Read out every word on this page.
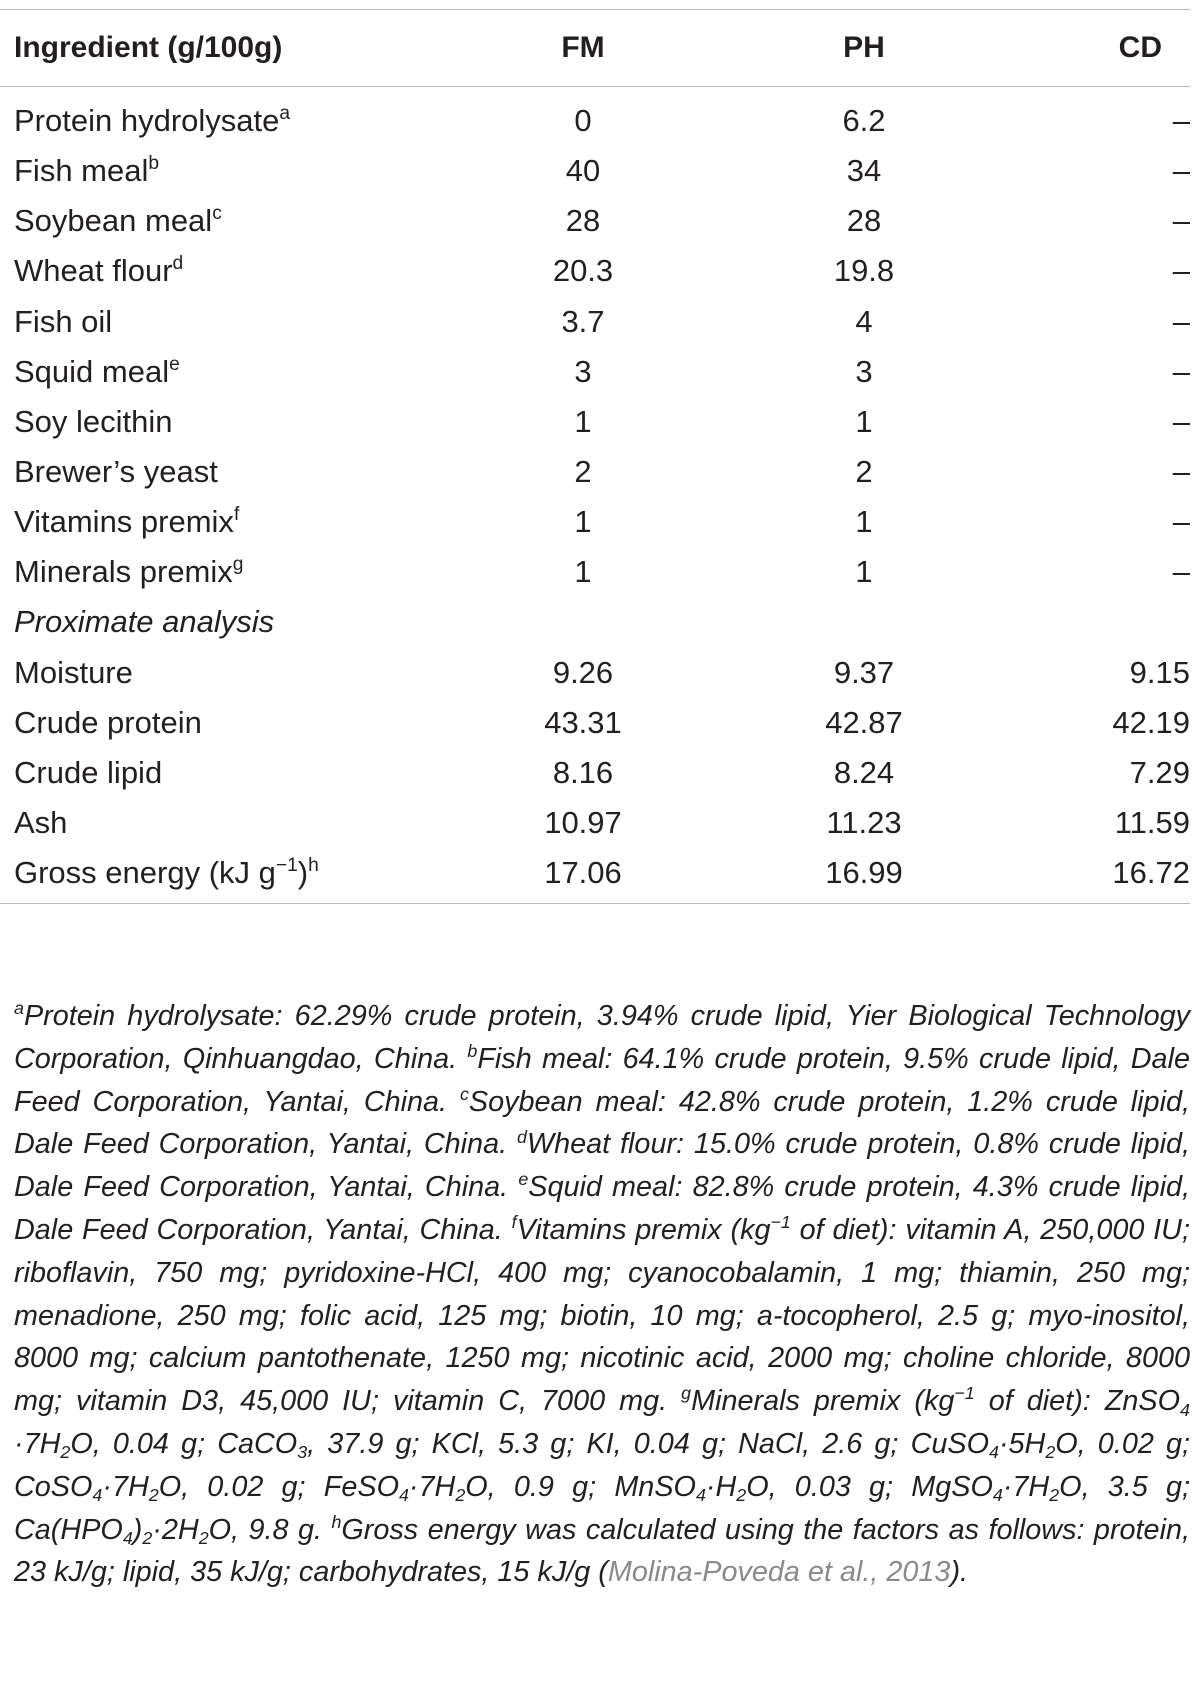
Ingredient (g/100g)	FM	PH	CD
Protein hydrolysate$^a$	0	6.2	–
Fish meal$^b$	40	34	–
Soybean meal$^c$	28	28	–
Wheat flour$^d$	20.3	19.8	–
Fish oil	3.7	4	–
Squid meal$^e$	3	3	–
Soy lecithin	1	1	–
Brewer’s yeast	2	2	–
Vitamins premix$^f$	1	1	–
Minerals premix$^g$	1	1	–
Proximate analysis
Moisture	9.26	9.37	9.15
Crude protein	43.31	42.87	42.19
Crude lipid	8.16	8.24	7.29
Ash	10.97	11.23	11.59
Gross energy (kJ $g^{-1})^h$	17.06	16.99	16.72
$^a$Protein hydrolysate: 62.29% crude protein, 3.94% crude lipid, Yier Biological Technology Corporation, Qinhuangdao, China. $^b$Fish meal: 64.1% crude protein, 9.5% crude lipid, Dale Feed Corporation, Yantai, China. $^c$Soybean meal: 42.8% crude protein, 1.2% crude lipid, Dale Feed Corporation, Yantai, China. $^d$Wheat flour: 15.0% crude protein, 0.8% crude lipid, Dale Feed Corporation, Yantai, China. $^e$Squid meal: 82.8% crude protein, 4.3% crude lipid, Dale Feed Corporation, Yantai, China. $^f$Vitamins premix ($kg^{-1}$ of diet): vitamin A, 250,000 IU; riboflavin, 750 mg; pyridoxine-HCl, 400 mg; cyanocobalamin, 1 mg; thiamin, 250 mg; menadione, 250 mg; folic acid, 125 mg; biotin, 10 mg; a-tocopherol, 2.5 g; myo-inositol, 8000 mg; calcium pantothenate, 1250 mg; nicotinic acid, 2000 mg; choline chloride, 8000 mg; vitamin D3, 45,000 IU; vitamin C, 7000 mg. $^g$Minerals premix ($kg^{-1}$ of diet): ZnSO$_4$ $\cdot 7H_2O$, 0.04 g; CaCO$_3$, 37.9 g; KCl, 5.3 g; KI, 0.04 g; NaCl, 2.6 g; $CuSO_4\cdot 5H_2O$, 0.02 g; $CoSO_4\cdot 7H_2O$, 0.02 g; $FeSO_4\cdot 7H_2O$, 0.9 g; $MnSO_4\cdot H_2O$, 0.03 g; $MgSO_4\cdot 7H_2O$, 3.5 g; $Ca(HPO_4)_2\cdot 2H_2O$, 9.8 g. $^h$Gross energy was calculated using the factors as follows: protein, 23 kJ/g; lipid, 35 kJ/g; carbohydrates, 15 kJ/g (Molina-Poveda et al., 2013).
